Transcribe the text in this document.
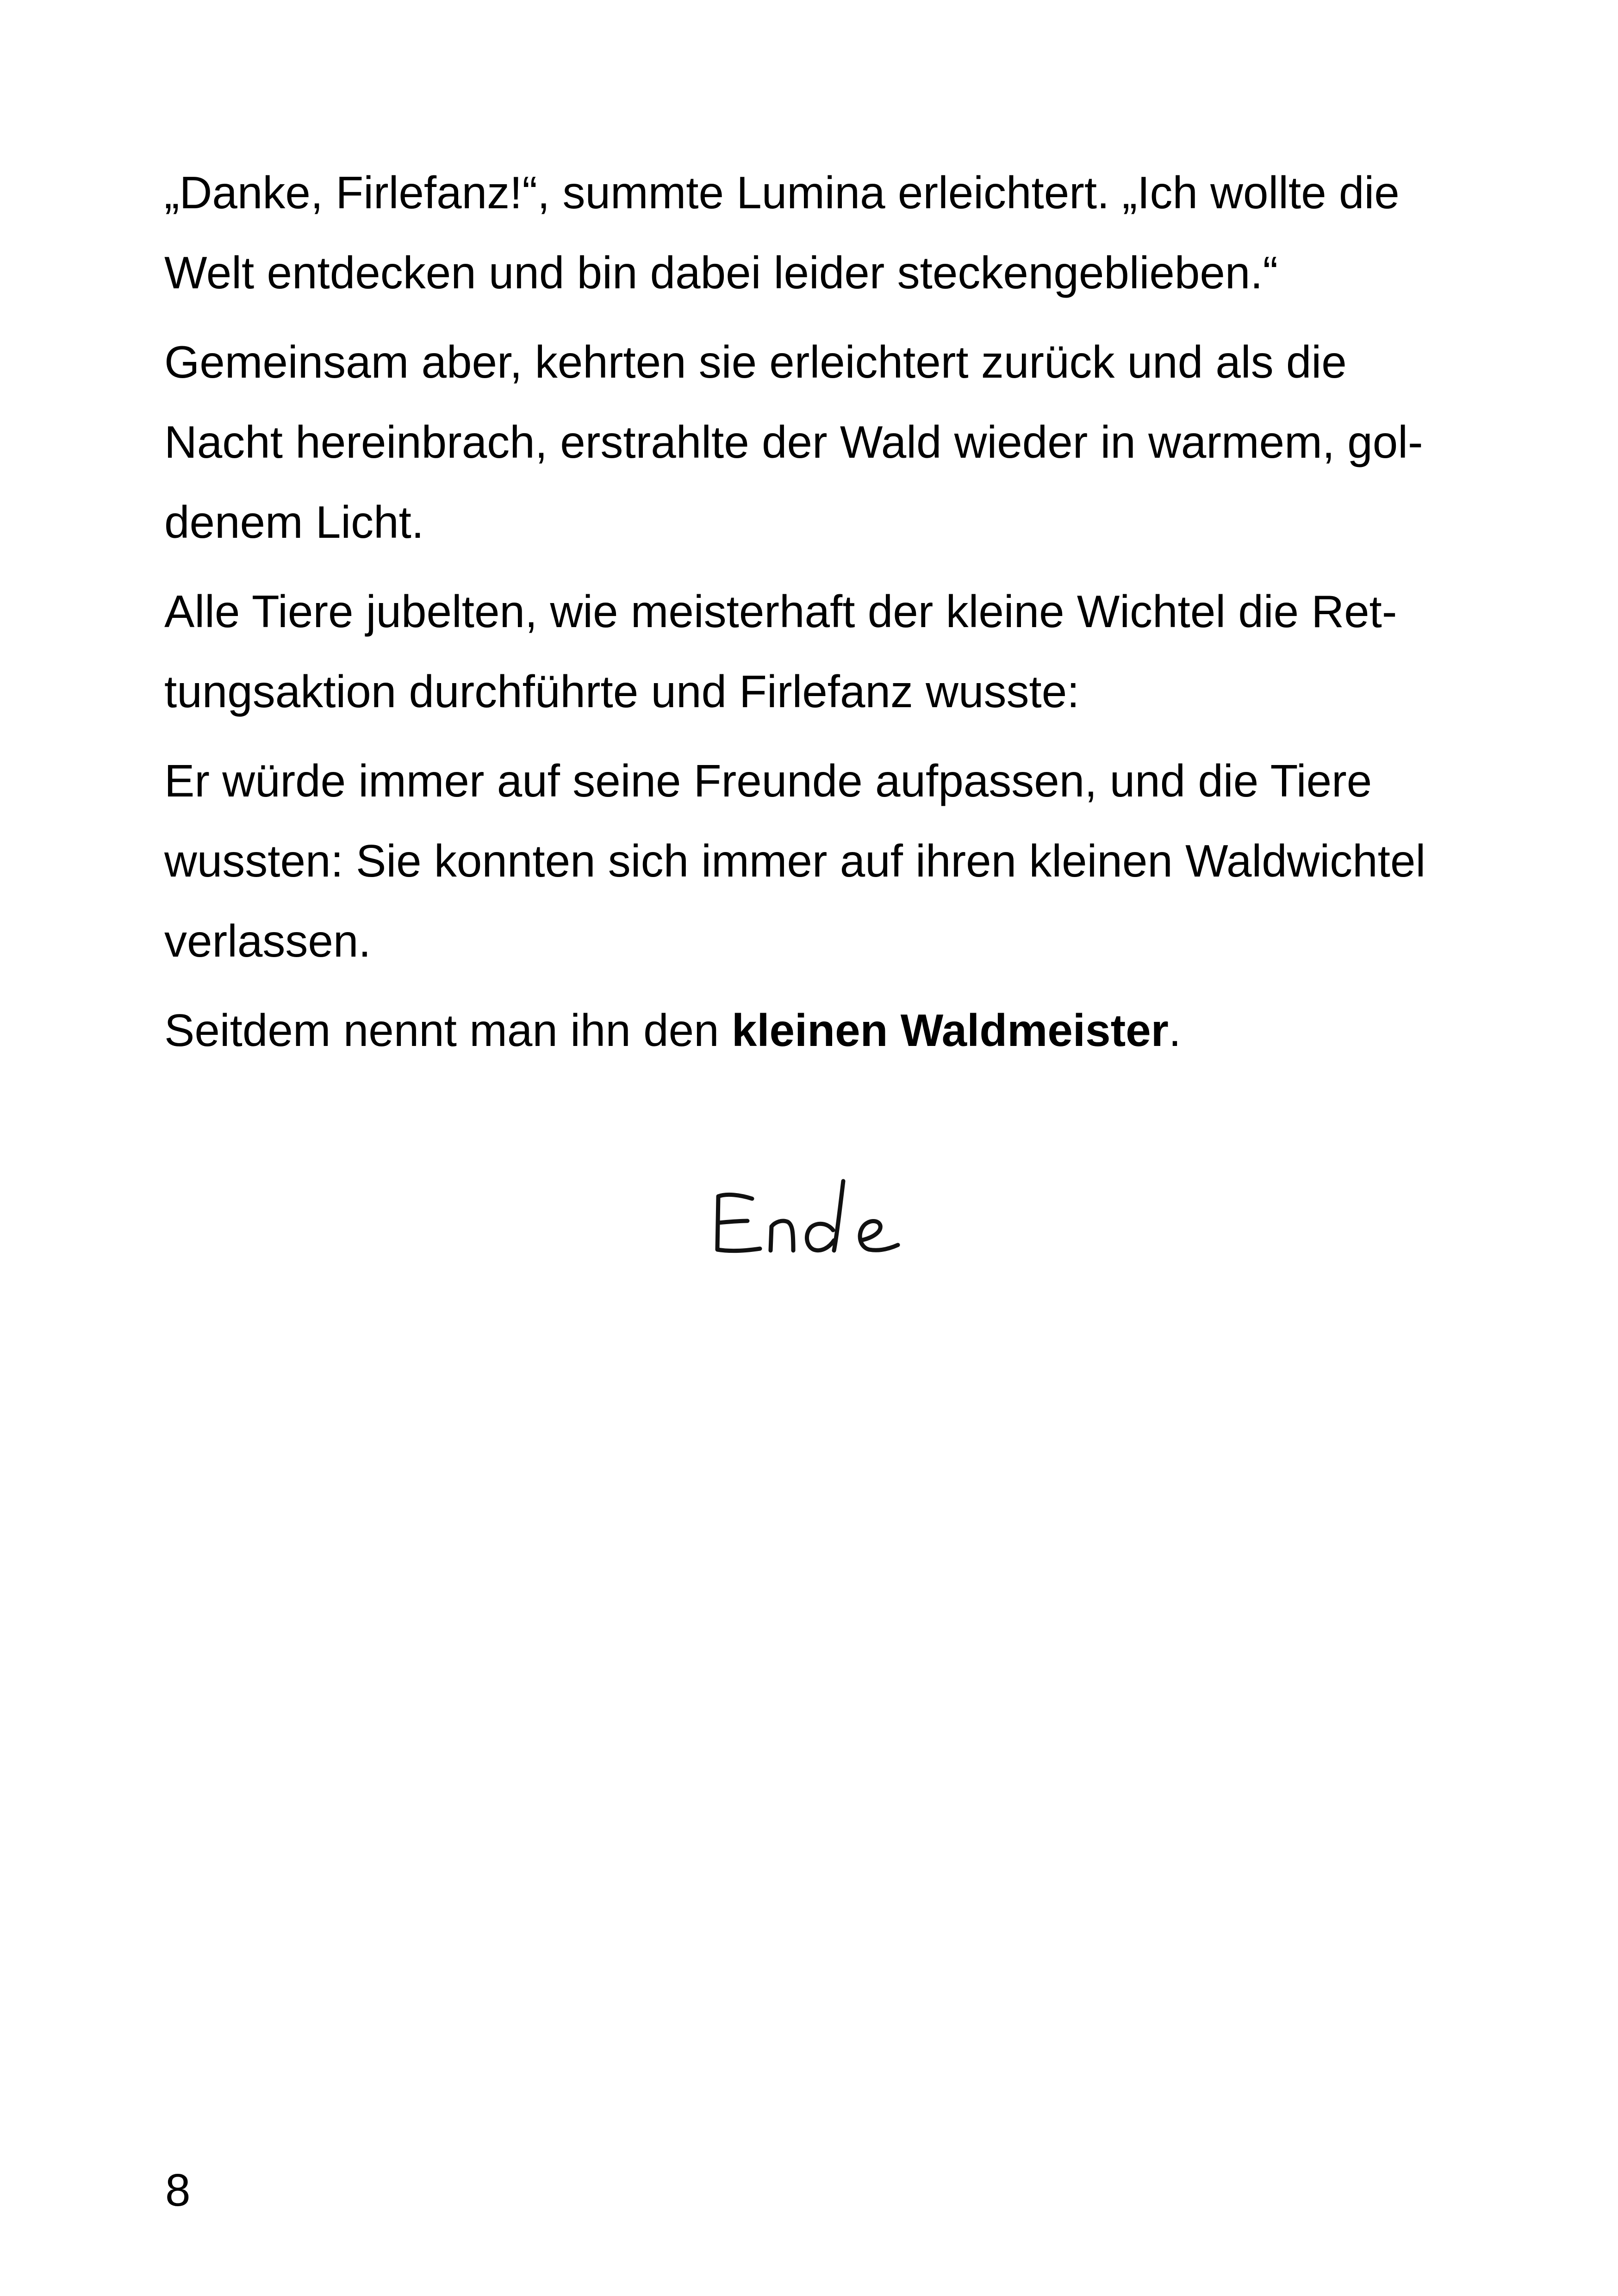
„Danke, Firlefanz!“, summte Lumina erleichtert. „Ich wollte die
Welt entdecken und bin dabei leider steckengeblieben.“

Gemeinsam aber, kehrten sie erleichtert zurück und als die
Nacht hereinbrach, erstrahlte der Wald wieder in warmem, gol-
denem Licht.

Alle Tiere jubelten, wie meisterhaft der kleine Wichtel die Ret-
tungsaktion durchführte und Firlefanz wusste:

Er würde immer auf seine Freunde aufpassen, und die Tiere
wussten: Sie konnten sich immer auf ihren kleinen Waldwichtel
verlassen.

Seitdem nennt man ihn den kleinen Waldmeister.

8
